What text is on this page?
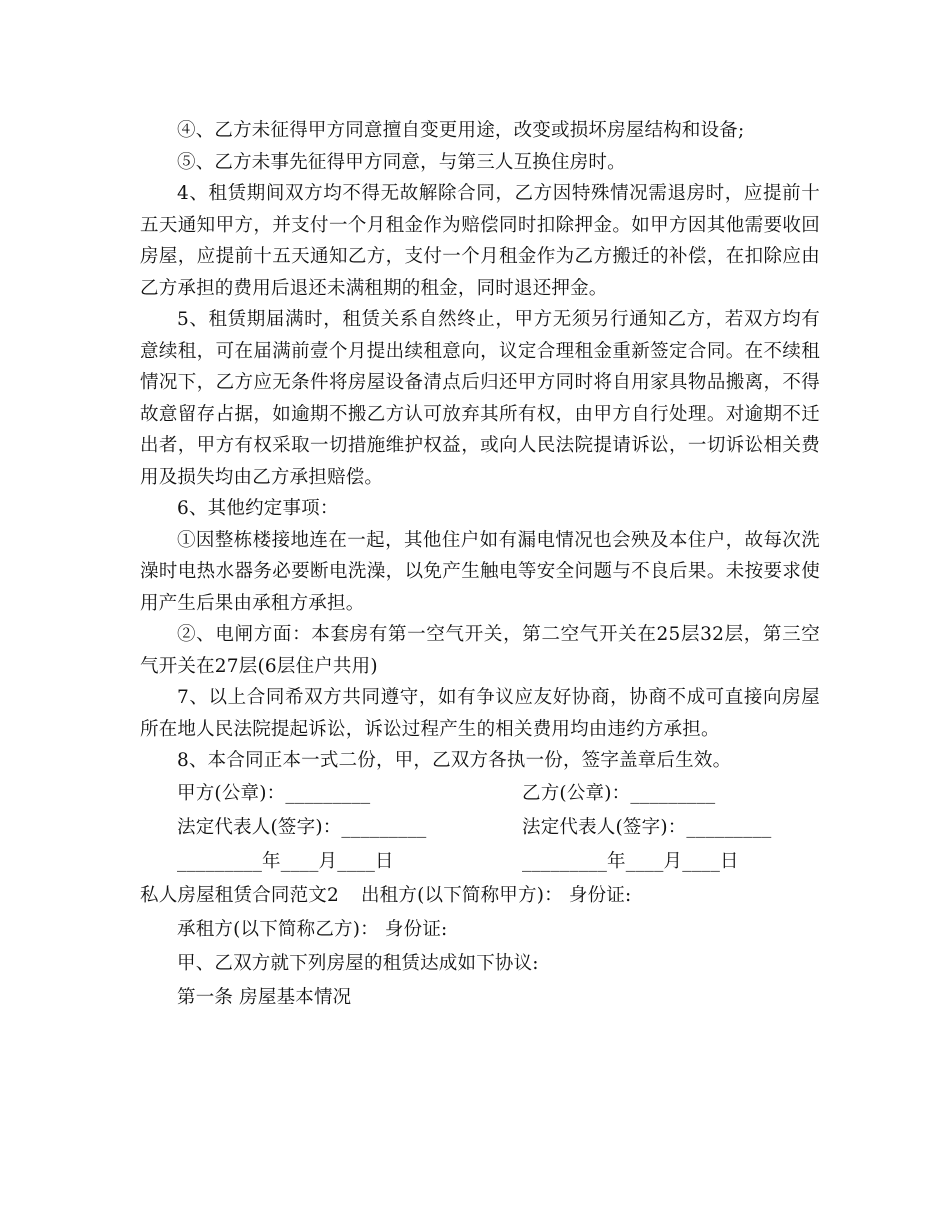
④、乙方未征得甲方同意擅自变更用途，改变或损坏房屋结构和设备;

⑤、乙方未事先征得甲方同意，与第三人互换住房时。

4、租赁期间双方均不得无故解除合同，乙方因特殊情况需退房时，应提前十五天通知甲方，并支付一个月租金作为赔偿同时扣除押金。如甲方因其他需要收回房屋，应提前十五天通知乙方，支付一个月租金作为乙方搬迁的补偿，在扣除应由乙方承担的费用后退还未满租期的租金，同时退还押金。

5、租赁期届满时，租赁关系自然终止，甲方无须另行通知乙方，若双方均有意续租，可在届满前壹个月提出续租意向，议定合理租金重新签定合同。在不续租情况下，乙方应无条件将房屋设备清点后归还甲方同时将自用家具物品搬离，不得故意留存占据，如逾期不搬乙方认可放弃其所有权，由甲方自行处理。对逾期不迁出者，甲方有权采取一切措施维护权益，或向人民法院提请诉讼，一切诉讼相关费用及损失均由乙方承担赔偿。

6、其他约定事项：

①因整栋楼接地连在一起，其他住户如有漏电情况也会殃及本住户，故每次洗澡时电热水器务必要断电洗澡，以免产生触电等安全问题与不良后果。未按要求使用产生后果由承租方承担。

②、电闸方面：本套房有第一空气开关，第二空气开关在25层32层，第三空气开关在27层(6层住户共用)

7、以上合同希双方共同遵守，如有争议应友好协商，协商不成可直接向房屋所在地人民法院提起诉讼，诉讼过程产生的相关费用均由违约方承担。

8、本合同正本一式二份，甲，乙双方各执一份，签字盖章后生效。

甲方(公章)：_________	乙方(公章)：_________
法定代表人(签字)：_________	法定代表人(签字)：_________
_________年____月____日	_________年____月____日

私人房屋租赁合同范文2 出租方(以下简称甲方)： 身份证:

承租方(以下简称乙方)： 身份证:

甲、乙双方就下列房屋的租赁达成如下协议:

第一条 房屋基本情况
